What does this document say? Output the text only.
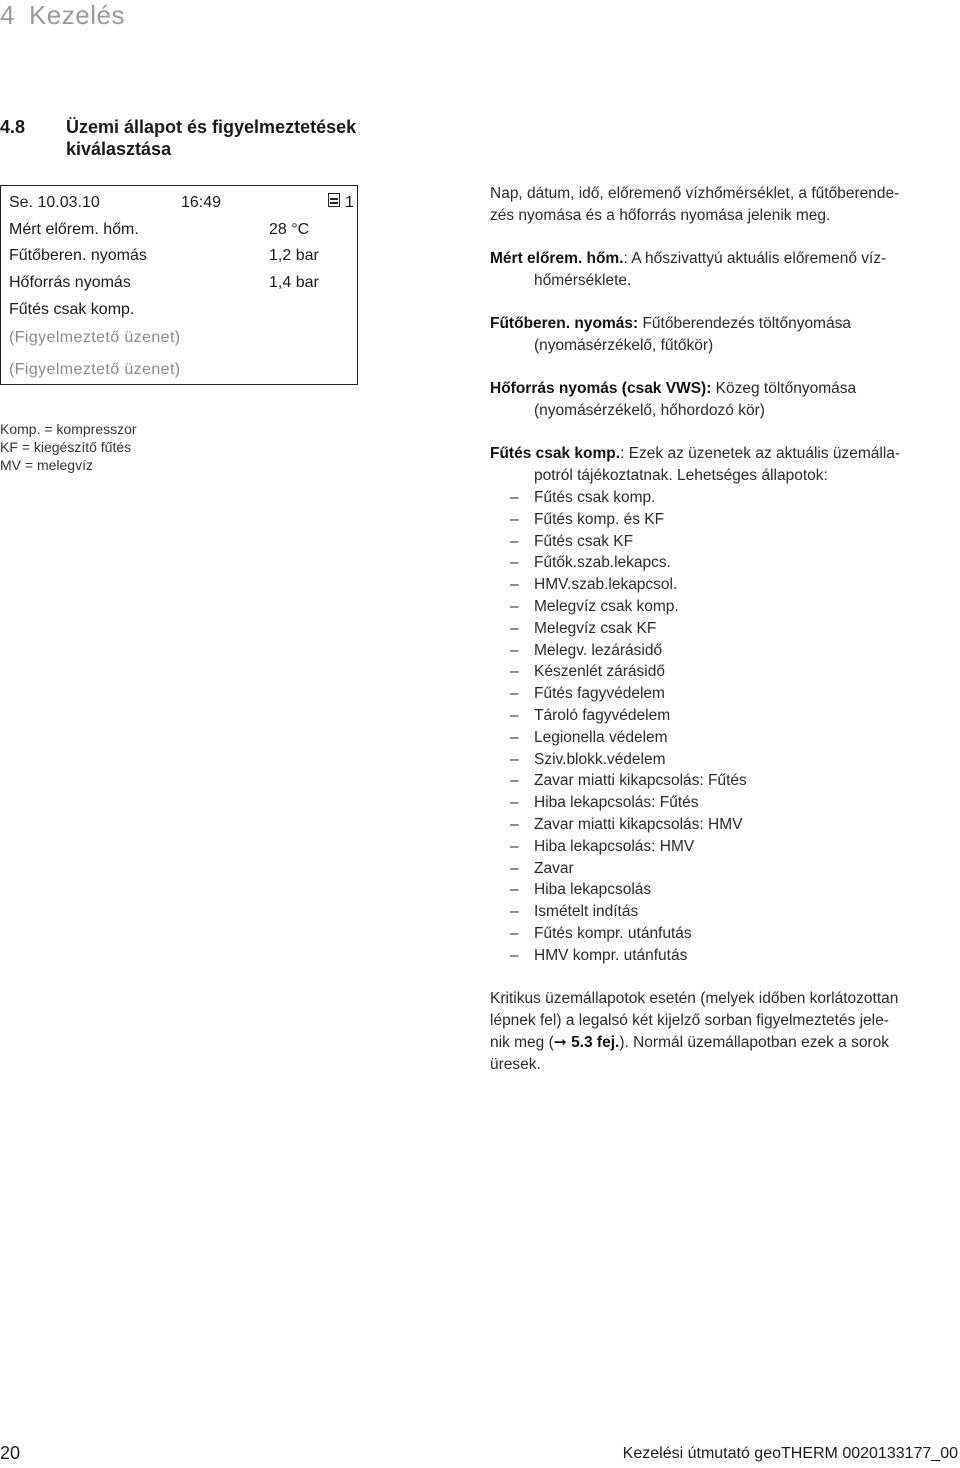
4 Kezelés
4.8 Üzemi állapot és figyelmeztetések kiválasztása
Se. 10.03.10	16:49	1
Mért előrem. hőm.	28 °C
Fűtőberen. nyomás	1,2 bar
Hőforrás nyomás	1,4 bar
Fűtés csak komp.
(Figyelmeztető üzenet)
(Figyelmeztető üzenet)
Komp. = kompresszor
KF = kiegészítő fűtés
MV = melegvíz

Nap, dátum, idő, előremenő vízhőmérséklet, a fűtőberende-
zés nyomása és a hőforrás nyomása jelenik meg.

Mért előrem. hőm.: A hőszivattyú aktuális előremenő víz-
hőmérséklete.

Fűtőberen. nyomás: Fűtőberendezés töltőnyomása
(nyomásérzékelő, fűtőkör)

Hőforrás nyomás (csak VWS): Közeg töltőnyomása
(nyomásérzékelő, hőhordozó kör)

Fűtés csak komp.: Ezek az üzenetek az aktuális üzemálla-
potról tájékoztatnak. Lehetséges állapotok:

– Fűtés csak komp.
– Fűtés komp. és KF
– Fűtés csak KF
– Fűtők.szab.lekapcs.
– HMV.szab.lekapcsol.
– Melegvíz csak komp.
– Melegvíz csak KF
– Melegv. lezárásidő
– Készenlét zárásidő
– Fűtés fagyvédelem
– Tároló fagyvédelem
– Legionella védelem
– Sziv.blokk.védelem
– Zavar miatti kikapcsolás: Fűtés
– Hiba lekapcsolás: Fűtés
– Zavar miatti kikapcsolás: HMV
– Hiba lekapcsolás: HMV
– Zavar
– Hiba lekapcsolás
– Ismételt indítás
– Fűtés kompr. utánfutás
– HMV kompr. utánfutás

Kritikus üzemállapotok esetén (melyek időben korlátozottan
lépnek fel) a legalsó két kijelző sorban figyelmeztetés jele-
nik meg (➞ 5.3 fej.). Normál üzemállapotban ezek a sorok
üresek.

20	Kezelési útmutató geoTHERM 0020133177_00
